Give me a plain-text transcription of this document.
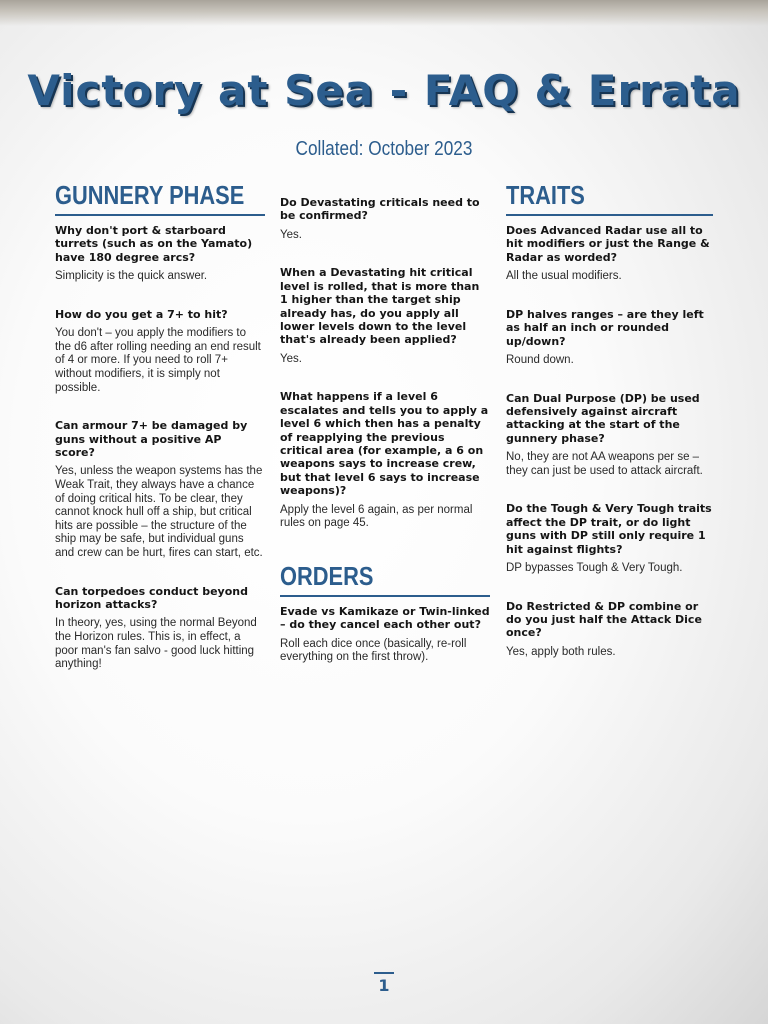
Victory at Sea - FAQ & Errata
Collated: October 2023
GUNNERY PHASE

Why don't port & starboard turrets (such as on the Yamato) have 180 degree arcs?

Simplicity is the quick answer.

How do you get a 7+ to hit?

You don't – you apply the modifiers to the d6 after rolling needing an end result of 4 or more. If you need to roll 7+ without modifiers, it is simply not possible.

Can armour 7+ be damaged by guns without a positive AP score?

Yes, unless the weapon systems has the Weak Trait, they always have a chance of doing critical hits. To be clear, they cannot knock hull off a ship, but critical hits are possible – the structure of the ship may be safe, but individual guns and crew can be hurt, fires can start, etc.

Can torpedoes conduct beyond horizon attacks?

In theory, yes, using the normal Beyond the Horizon rules. This is, in effect, a poor man's fan salvo - good luck hitting anything!

Do Devastating criticals need to be confirmed?

Yes.

When a Devastating hit critical level is rolled, that is more than 1 higher than the target ship already has, do you apply all lower levels down to the level that's already been applied?

Yes.

What happens if a level 6 escalates and tells you to apply a level 6 which then has a penalty of reapplying the previous critical area (for example, a 6 on weapons says to increase crew, but that level 6 says to increase weapons)?

Apply the level 6 again, as per normal rules on page 45.

ORDERS

Evade vs Kamikaze or Twin-linked – do they cancel each other out?

Roll each dice once (basically, re-roll everything on the first throw).

TRAITS

Does Advanced Radar use all to hit modifiers or just the Range & Radar as worded?

All the usual modifiers.

DP halves ranges – are they left as half an inch or rounded up/down?

Round down.

Can Dual Purpose (DP) be used defensively against aircraft attacking at the start of the gunnery phase?

No, they are not AA weapons per se – they can just be used to attack aircraft.

Do the Tough & Very Tough traits affect the DP trait, or do light guns with DP still only require 1 hit against flights?

DP bypasses Tough & Very Tough.

Do Restricted & DP combine or do you just half the Attack Dice once?

Yes, apply both rules.

1
